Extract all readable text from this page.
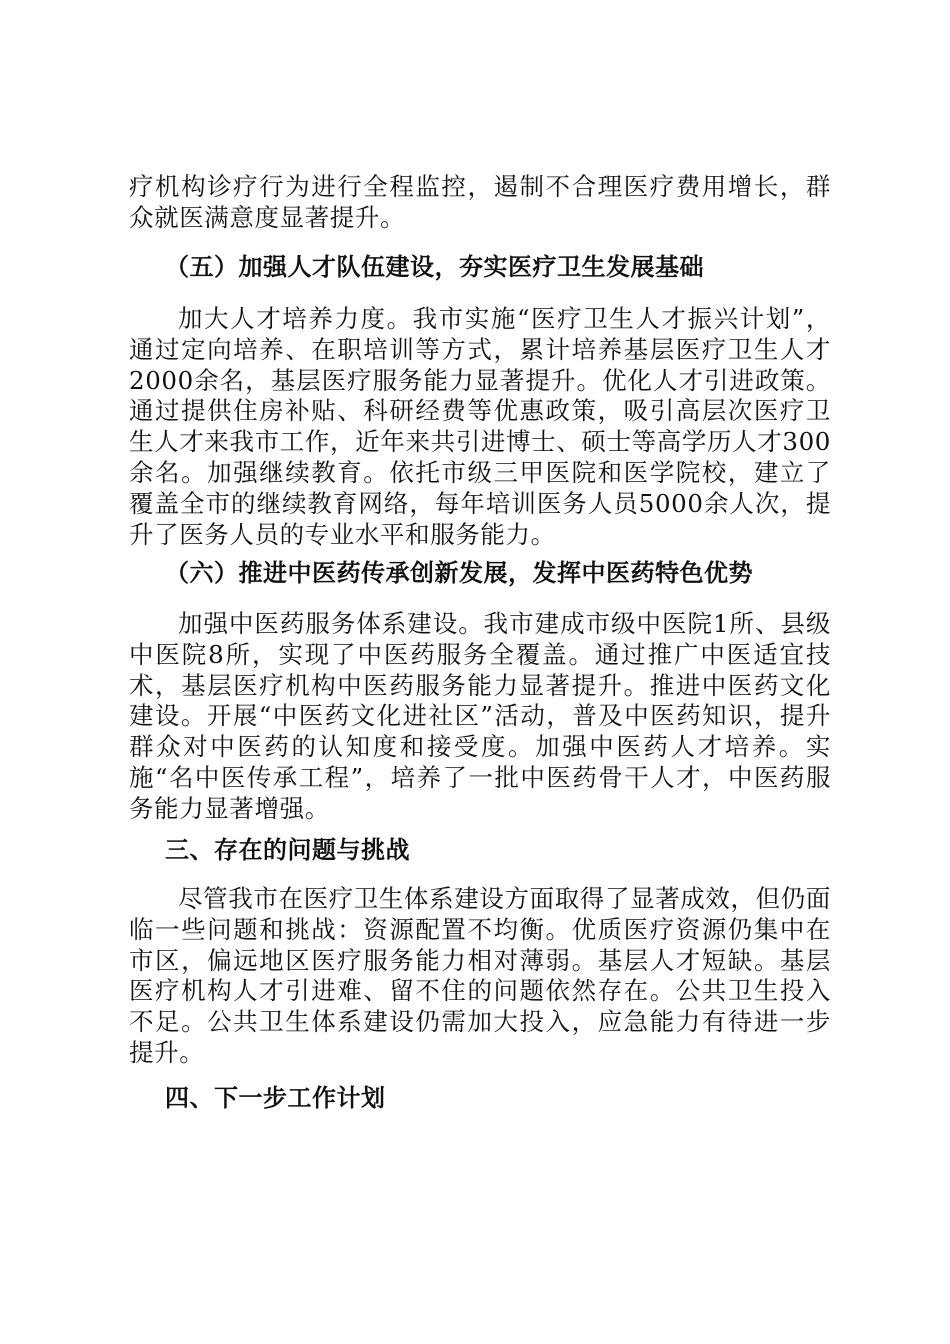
疗机构诊疗行为进行全程监控，遏制不合理医疗费用增长，群众就医满意度显著提升。

（五）加强人才队伍建设，夯实医疗卫生发展基础

加大人才培养力度。我市实施“医疗卫生人才振兴计划”，通过定向培养、在职培训等方式，累计培养基层医疗卫生人才2000余名，基层医疗服务能力显著提升。优化人才引进政策。通过提供住房补贴、科研经费等优惠政策，吸引高层次医疗卫生人才来我市工作，近年来共引进博士、硕士等高学历人才300余名。加强继续教育。依托市级三甲医院和医学院校，建立了覆盖全市的继续教育网络，每年培训医务人员5000余人次，提升了医务人员的专业水平和服务能力。

（六）推进中医药传承创新发展，发挥中医药特色优势

加强中医药服务体系建设。我市建成市级中医院1所、县级中医院8所，实现了中医药服务全覆盖。通过推广中医适宜技术，基层医疗机构中医药服务能力显著提升。推进中医药文化建设。开展“中医药文化进社区”活动，普及中医药知识，提升群众对中医药的认知度和接受度。加强中医药人才培养。实施“名中医传承工程”，培养了一批中医药骨干人才，中医药服务能力显著增强。

三、存在的问题与挑战

尽管我市在医疗卫生体系建设方面取得了显著成效，但仍面临一些问题和挑战：资源配置不均衡。优质医疗资源仍集中在市区，偏远地区医疗服务能力相对薄弱。基层人才短缺。基层医疗机构人才引进难、留不住的问题依然存在。公共卫生投入不足。公共卫生体系建设仍需加大投入，应急能力有待进一步提升。

四、下一步工作计划
